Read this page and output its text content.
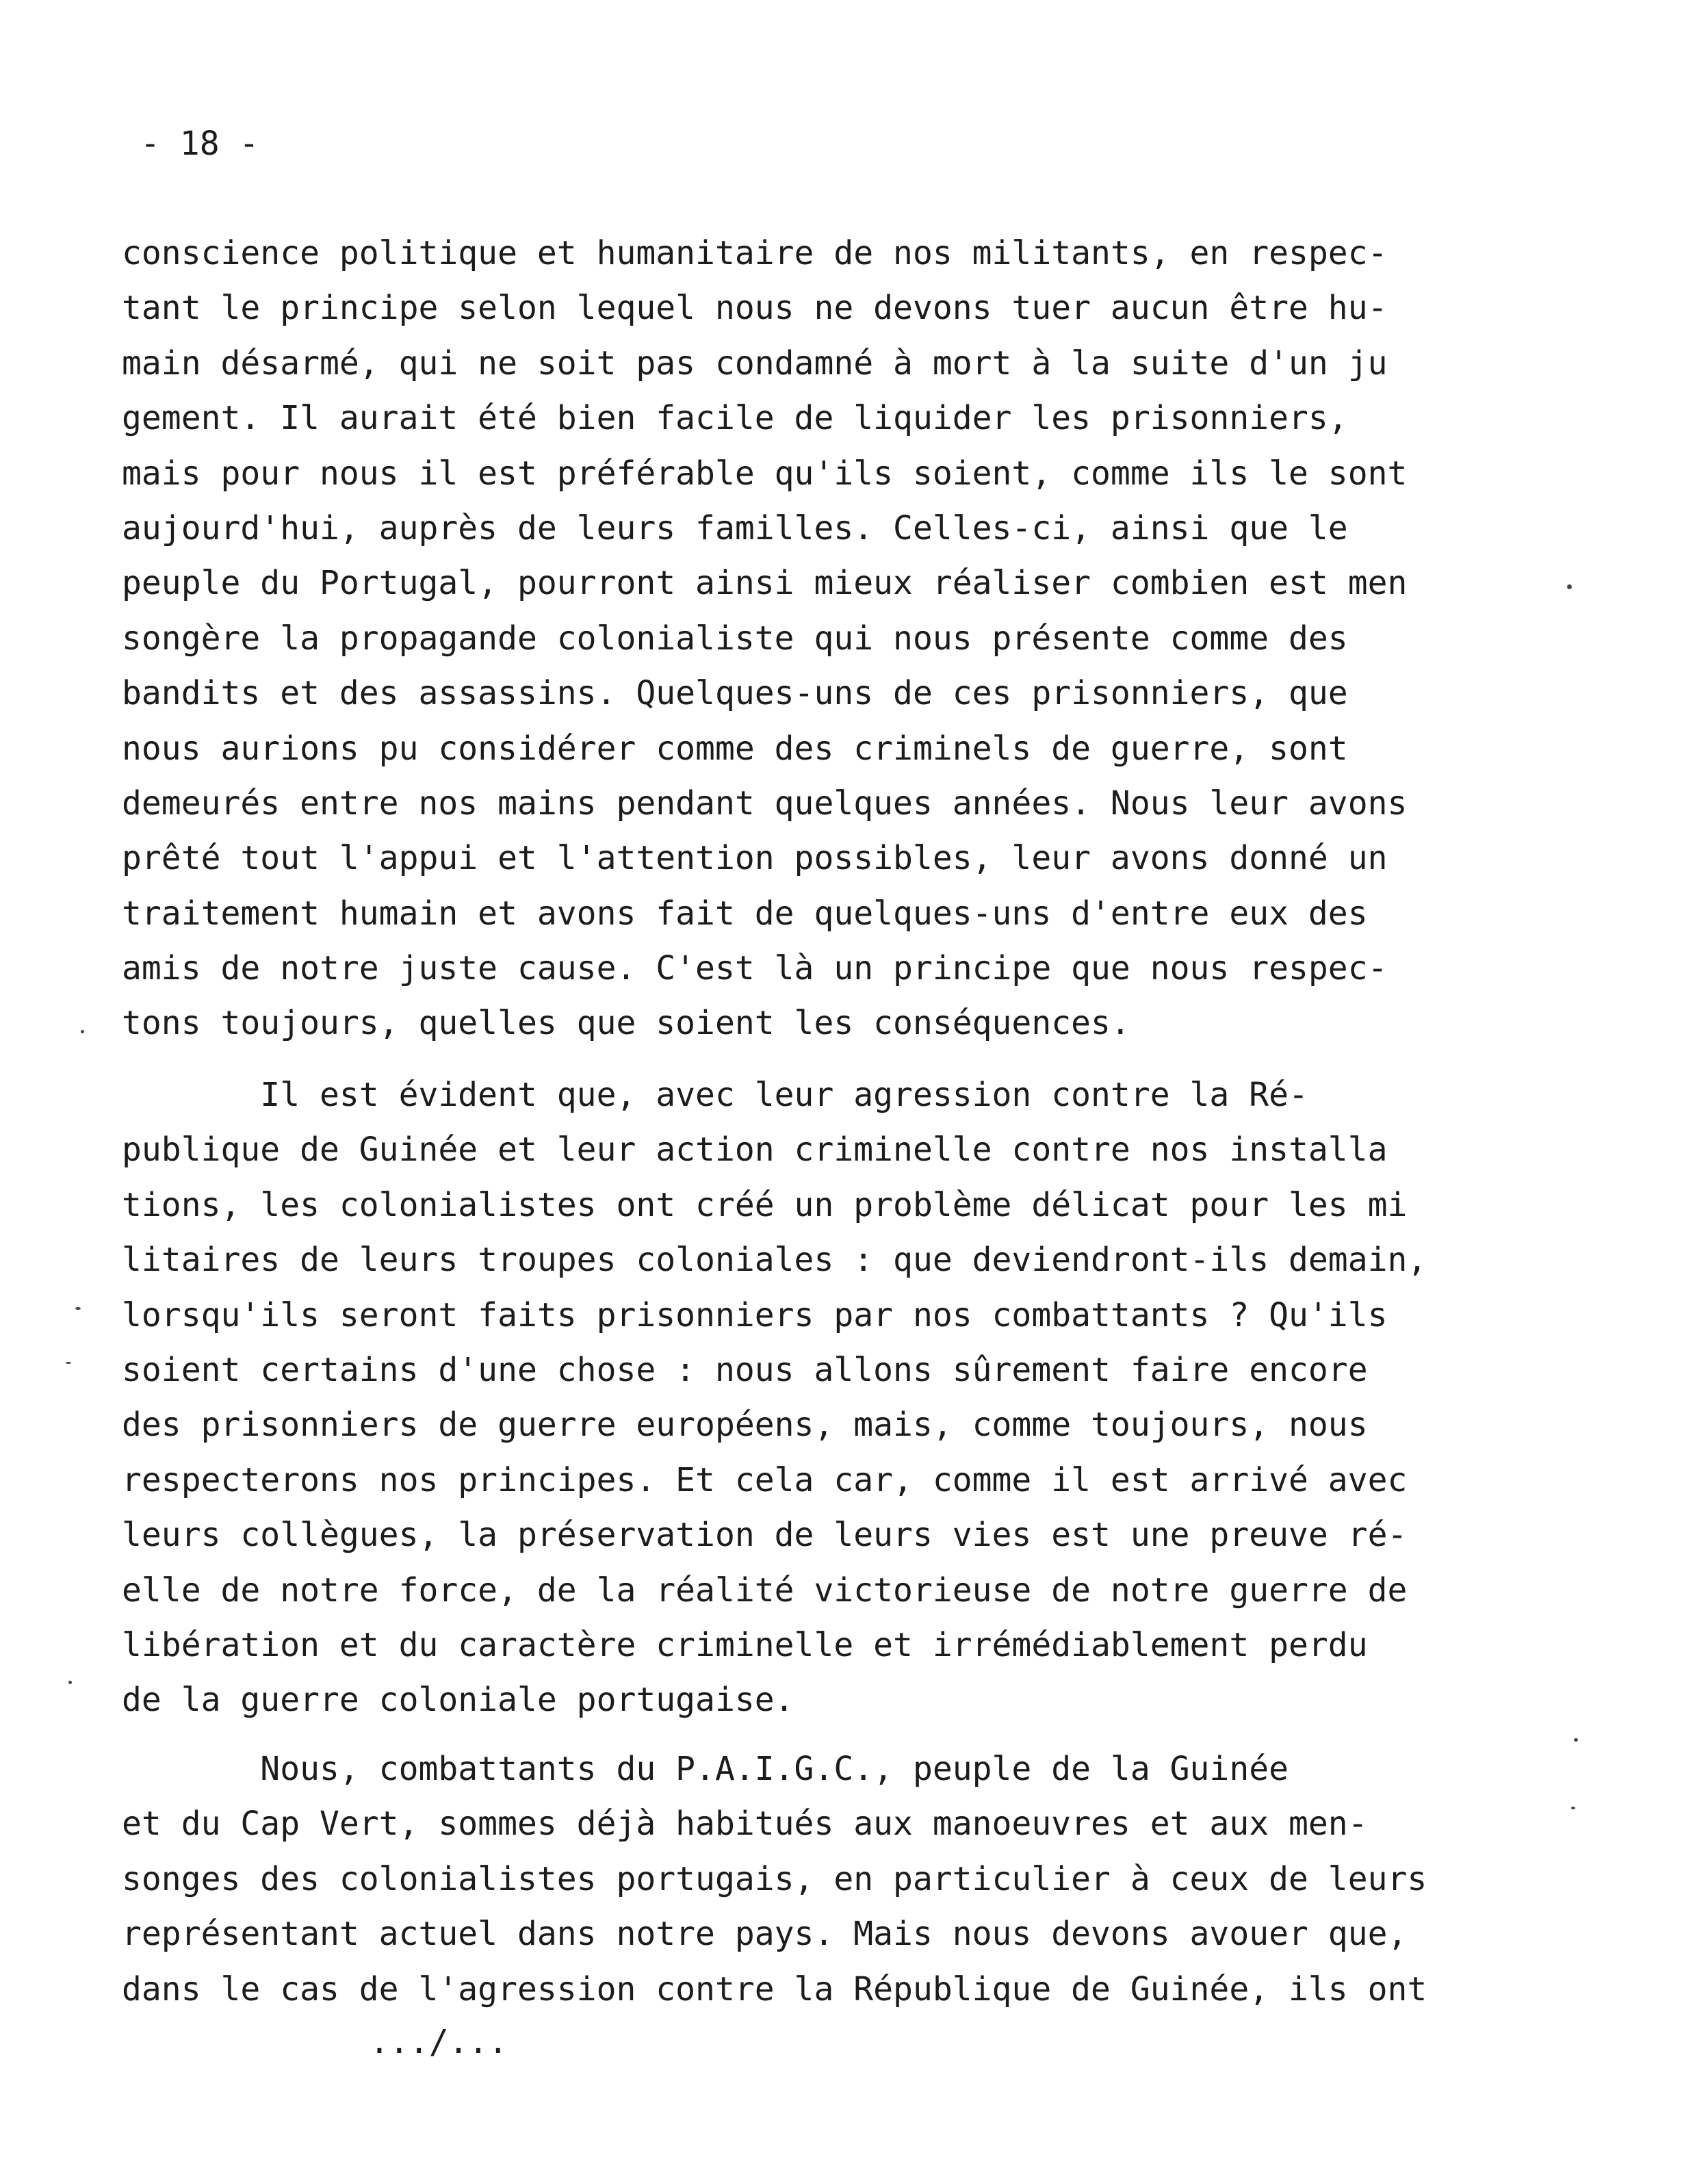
- 18 -
conscience politique et humanitaire de nos militants, en respec-
tant le principe selon lequel nous ne devons tuer aucun être hu-
main désarmé, qui ne soit pas condamné à mort à la suite d'un ju
gement. Il aurait été bien facile de liquider les prisonniers,
mais pour nous il est préférable qu'ils soient, comme ils le sont
aujourd'hui, auprès de leurs familles. Celles-ci, ainsi que le
peuple du Portugal, pourront ainsi mieux réaliser combien est men
songère la propagande colonialiste qui nous présente comme des
bandits et des assassins. Quelques-uns de ces prisonniers, que
nous aurions pu considérer comme des criminels de guerre, sont
demeurés entre nos mains pendant quelques années. Nous leur avons
prêté tout l'appui et l'attention possibles, leur avons donné un
traitement humain et avons fait de quelques-uns d'entre eux des
amis de notre juste cause. C'est là un principe que nous respec-
tons toujours, quelles que soient les conséquences.
Il est évident que, avec leur agression contre la Ré-
publique de Guinée et leur action criminelle contre nos installa
tions, les colonialistes ont créé un problème délicat pour les mi
litaires de leurs troupes coloniales : que deviendront-ils demain,
lorsqu'ils seront faits prisonniers par nos combattants ? Qu'ils
soient certains d'une chose : nous allons sûrement faire encore
des prisonniers de guerre européens, mais, comme toujours, nous
respecterons nos principes. Et cela car, comme il est arrivé avec
leurs collègues, la préservation de leurs vies est une preuve ré-
elle de notre force, de la réalité victorieuse de notre guerre de
libération et du caractère criminelle et irrémédiablement perdu
de la guerre coloniale portugaise.
Nous, combattants du P.A.I.G.C., peuple de la Guinée
et du Cap Vert, sommes déjà habitués aux manoeuvres et aux men-
songes des colonialistes portugais, en particulier à ceux de leurs
représentant actuel dans notre pays. Mais nous devons avouer que,
dans le cas de l'agression contre la République de Guinée, ils ont
.../...
